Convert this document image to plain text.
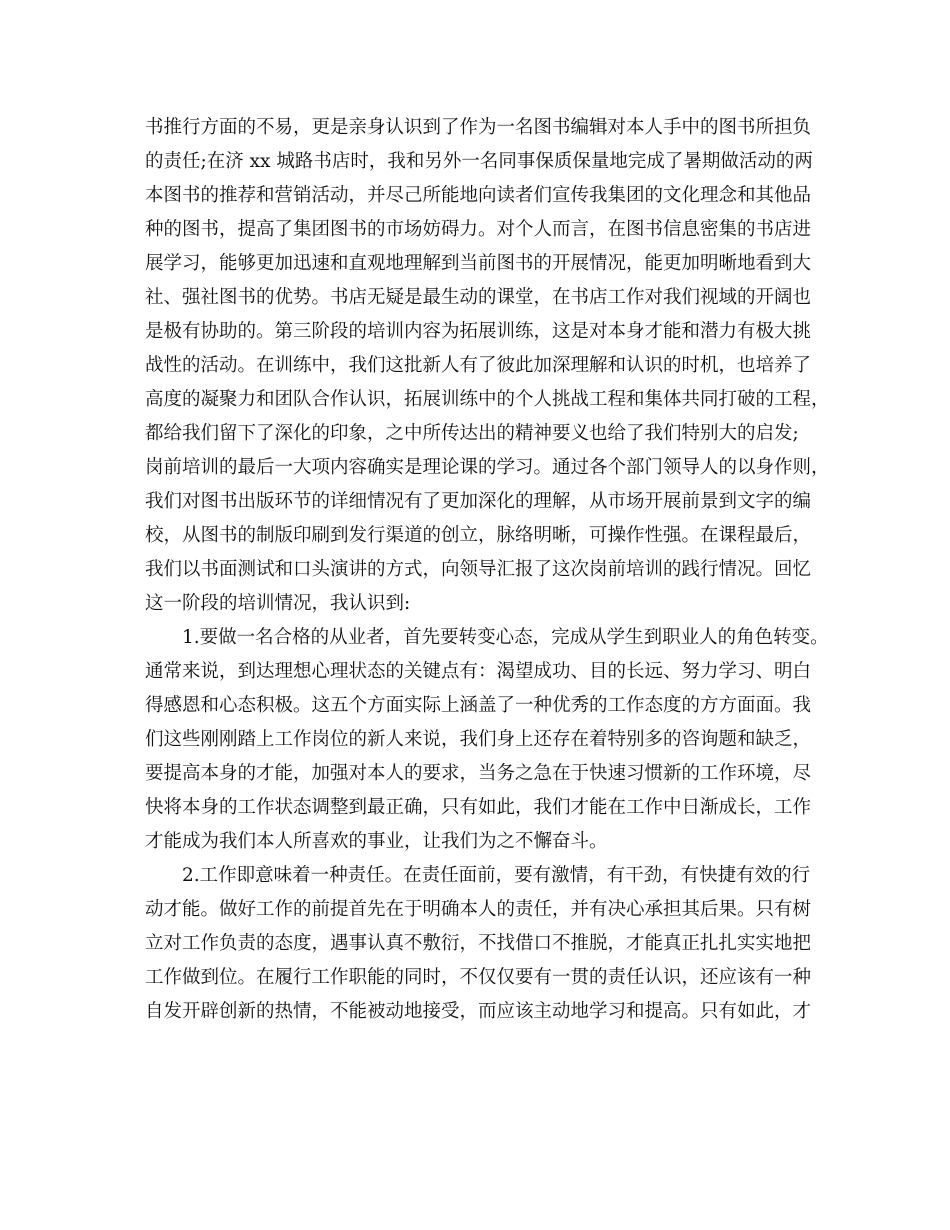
书推行方面的不易，更是亲身认识到了作为一名图书编辑对本人手中的图书所担负
的责任;在济 xx 城路书店时，我和另外一名同事保质保量地完成了暑期做活动的两
本图书的推荐和营销活动，并尽己所能地向读者们宣传我集团的文化理念和其他品
种的图书，提高了集团图书的市场妨碍力。对个人而言，在图书信息密集的书店进
展学习，能够更加迅速和直观地理解到当前图书的开展情况，能更加明晰地看到大
社、强社图书的优势。书店无疑是最生动的课堂，在书店工作对我们视域的开阔也
是极有协助的。第三阶段的培训内容为拓展训练，这是对本身才能和潜力有极大挑
战性的活动。在训练中，我们这批新人有了彼此加深理解和认识的时机，也培养了
高度的凝聚力和团队合作认识，拓展训练中的个人挑战工程和集体共同打破的工程，
都给我们留下了深化的印象，之中所传达出的精神要义也给了我们特别大的启发;
岗前培训的最后一大项内容确实是理论课的学习。通过各个部门领导人的以身作则，
我们对图书出版环节的详细情况有了更加深化的理解，从市场开展前景到文字的编
校，从图书的制版印刷到发行渠道的创立，脉络明晰，可操作性强。在课程最后，
我们以书面测试和口头演讲的方式，向领导汇报了这次岗前培训的践行情况。回忆
这一阶段的培训情况，我认识到:
1.要做一名合格的从业者，首先要转变心态，完成从学生到职业人的角色转变。
通常来说，到达理想心理状态的关键点有：渴望成功、目的长远、努力学习、明白
得感恩和心态积极。这五个方面实际上涵盖了一种优秀的工作态度的方方面面。我
们这些刚刚踏上工作岗位的新人来说，我们身上还存在着特别多的咨询题和缺乏，
要提高本身的才能，加强对本人的要求，当务之急在于快速习惯新的工作环境，尽
快将本身的工作状态调整到最正确，只有如此，我们才能在工作中日渐成长，工作
才能成为我们本人所喜欢的事业，让我们为之不懈奋斗。
2.工作即意味着一种责任。在责任面前，要有激情，有干劲，有快捷有效的行
动才能。做好工作的前提首先在于明确本人的责任，并有决心承担其后果。只有树
立对工作负责的态度，遇事认真不敷衍，不找借口不推脱，才能真正扎扎实实地把
工作做到位。在履行工作职能的同时，不仅仅要有一贯的责任认识，还应该有一种
自发开辟创新的热情，不能被动地接受，而应该主动地学习和提高。只有如此，才
